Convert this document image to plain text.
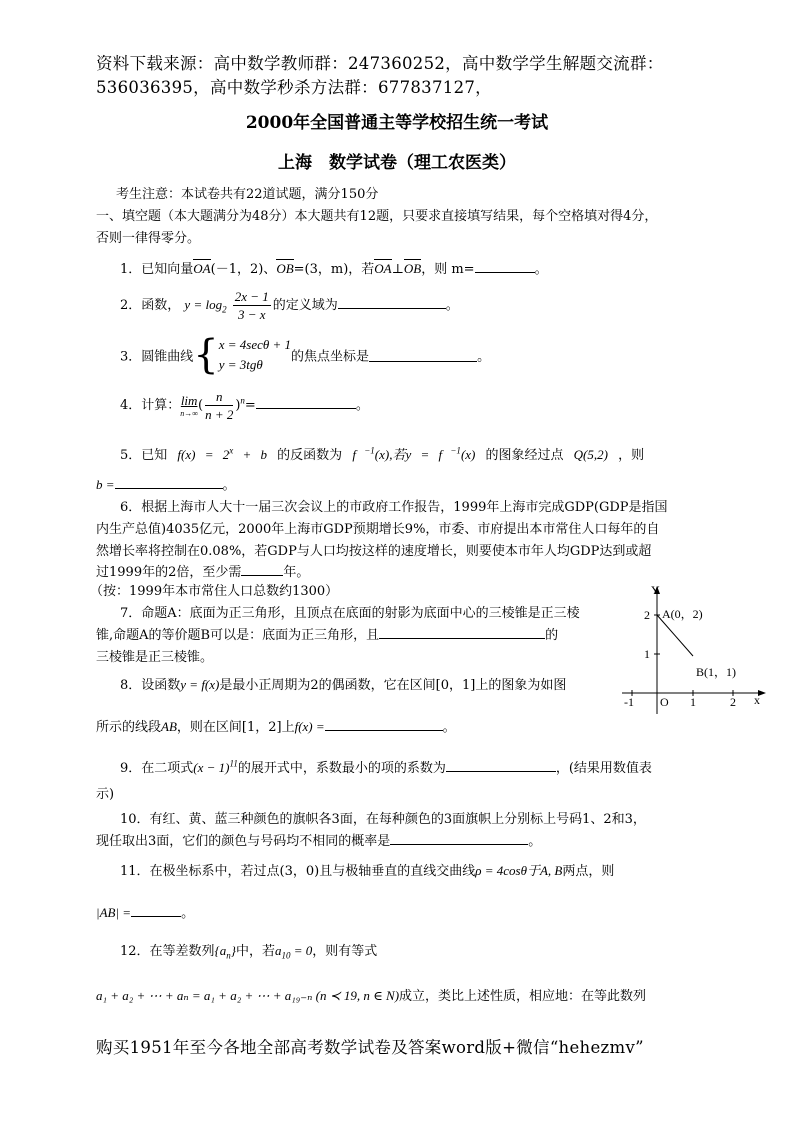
资料下载来源：高中数学教师群：247360252，高中数学学生解题交流群：
536036395，高中数学秒杀方法群：677837127，
2000年全国普通主等学校招生统一考试
上海　数学试卷（理工农医类）
考生注意：本试卷共有22道试题，满分150分
一、填空题（本大题满分为48分）本大题共有12题，只要求直接填写结果，每个空格填对得4分，
否则一律得零分。
1．已知向量OA(－1，2)、OB=(3，m)，若OA⊥OB，则 m=	。
2．函数， $y = \log_2 \frac{2x - 1}{3 - x}$ 的定义域为	。
3．圆锥曲线{ x = 4secθ + 1
y = 3tgθ	的焦点坐标是	。
4．计算： lim
n→∞
( $\frac{n}{n + 2} )^n=$	。
5．已知 $f(x) = 2^x + b$ 的反函数为 f $^{-1}$(x),若y = f $^{-1}$(x) 的图象经过点 Q(5,2) ，则
b =	。
6．根据上海市人大十一届三次会议上的市政府工作报告，1999年上海市完成GDP(GDP是指国
内生产总值)4035亿元，2000年上海市GDP预期增长9%，市委、市府提出本市常住人口每年的自
然增长率将控制在0.08%，若GDP与人口均按这样的速度增长，则要使本市年人均GDP达到或超
过1999年的2倍，至少需	年。
（按：1999年本市常住人口总数约1300）
7．命题A：底面为正三角形，且顶点在底面的射影为底面中心的三棱锥是正三棱
锥,命题A的等价题B可以是：底面为正三角形，且	的
三棱锥是正三棱锥。
8．设函数y = f(x)是最小正周期为2的偶函数，它在区间[0，1]上的图象为如图
所示的线段AB，则在区间[1，2]上f(x) =	。
Y
x
A(0，2)
B(1，1)
2
1
-1 O 1	2
9．在二项式$(x - 1)^{11}$的展开式中，系数最小的项的系数为	，(结果用数值表
示)
10．有红、黄、蓝三种颜色的旗帜各3面，在每种颜色的3面旗帜上分别标上号码1、2和3，
现任取出3面，它们的颜色与号码均不相同的概率是	。
11．在极坐标系中，若过点(3，0)且与极轴垂直的直线交曲线ρ = 4cosθ于A, B两点，则
|AB| =	。
12．在等差数列$\{a_n\}$中，若$a_{10} = 0$，则有等式
a₁ + a₂ + ⋯ + aₙ = a₁ + a₂ + ⋯ + a₁₉₋ₙ (n ≺ 19, n ∈ N)成立，类比上述性质，相应地：在等此数列
购买1951年至今各地全部高考数学试卷及答案word版+微信“hehezmv”
